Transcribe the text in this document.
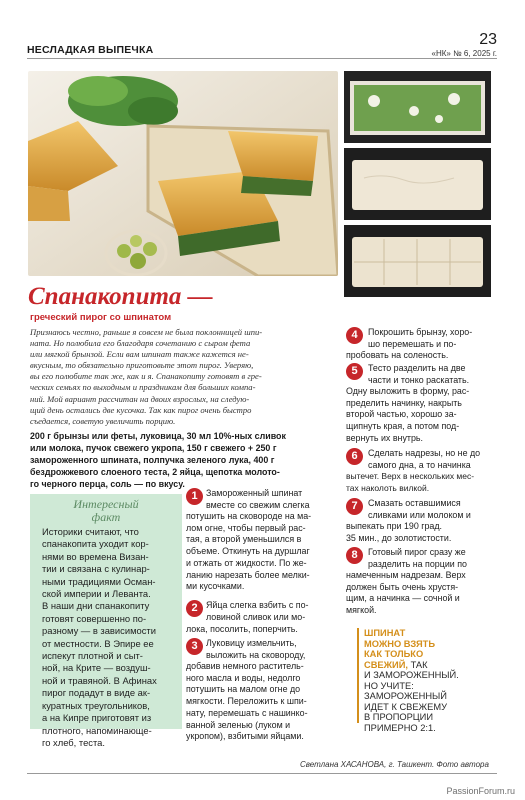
НЕСЛАДКАЯ ВЫПЕЧКА
23
«НК» № 6, 2025 г.
Спанакопита —
греческий пирог со шпинатом
Признаюсь честно, раньше я совсем не была поклонницей шпи-
ната. Но полюбила его благодаря сочетанию с сыром фета
или мягкой брынзой. Если вам шпинат также кажется не-
вкусным, то обязательно приготовьте этот пирог. Уверяю,
вы его полюбите так же, как и я. Спанакопиту готовят в гре-
ческих семьях по выходным и праздникам для больших компа-
ний. Мой вариант рассчитан на двоих взрослых, на следую-
щий день остались две кусочка. Так как пирог очень быстро
съедается, советую увеличить порцию.
200 г брынзы или феты, луковица, 30 мл 10%-ных сливок
или молока, пучок свежего укропа, 150 г свежего + 250 г
замороженного шпината, полпучка зеленого лука, 400 г
бездрожжевого слоеного теста, 2 яйца, щепотка молото-
го черного перца, соль — по вкусу.
Интересный
факт
Историки считают, что
спанакопита уходит кор-
нями во времена Визан-
тии и связана с кулинар-
ными традициями Осман-
ской империи и Леванта.
В наши дни спанакопиту
готовят совершенно по-
разному — в зависимости
от местности. В Эпире ее
испекут плотной и сыт-
ной, на Крите — воздуш-
ной и травяной. В Афинах
пирог подадут в виде ак-
куратных треугольников,
а на Кипре приготовят из
плотного, напоминающе-
го хлеб, теста.
1 Замороженный шпинат
вместе со свежим слегка
потушить на сковороде на ма-
лом огне, чтобы первый рас-
тая, а второй уменьшился в
объеме. Откинуть на дуршлаг
и отжать от жидкости. По же-
ланию нарезать более мелки-
ми кусочками.
2 Яйца слегка взбить с по-
ловиной сливок или мо-
лока, посолить, поперчить.
3 Луковицу измельчить,
выложить на сковороду,
добавив немного раститель-
ного масла и воды, недолго
потушить на малом огне до
мягкости. Переложить к шпи-
нату, перемешать с нашинко-
ванной зеленью (луком и
укропом), взбитыми яйцами.
4	Покрошить брынзу, хоро-
шо перемешать и по-
пробовать на соленость.
5	Тесто разделить на две
части и тонко раскатать.
Одну выложить в форму, рас-
пределить начинку, накрыть
второй частью, хорошо за-
щипнуть края, а потом под-
вернуть их внутрь.
6	Сделать надрезы, но не до
самого дна, а то начинка
вытечет. Верх в нескольких мес-
тах наколоть вилкой.
7	Смазать оставшимися
сливками или молоком и
выпекать при 190 град.
35 мин., до золотистости.
8	Готовый пирог сразу же
разделить на порции по
намеченным надрезам. Верх
должен быть очень хрустя-
щим, а начинка — сочной и
мягкой.
ШПИНАТ
МОЖНО ВЗЯТЬ
КАК ТОЛЬКО
СВЕЖИЙ, ТАК
И ЗАМОРОЖЕННЫЙ.
НО УЧИТЕ:
ЗАМОРОЖЕННЫЙ
ИДЕТ К СВЕЖЕМУ
В ПРОПОРЦИИ
ПРИМЕРНО 2:1.
Светлана ХАСАНОВА, г. Ташкент. Фото автора
PassionForum.ru
